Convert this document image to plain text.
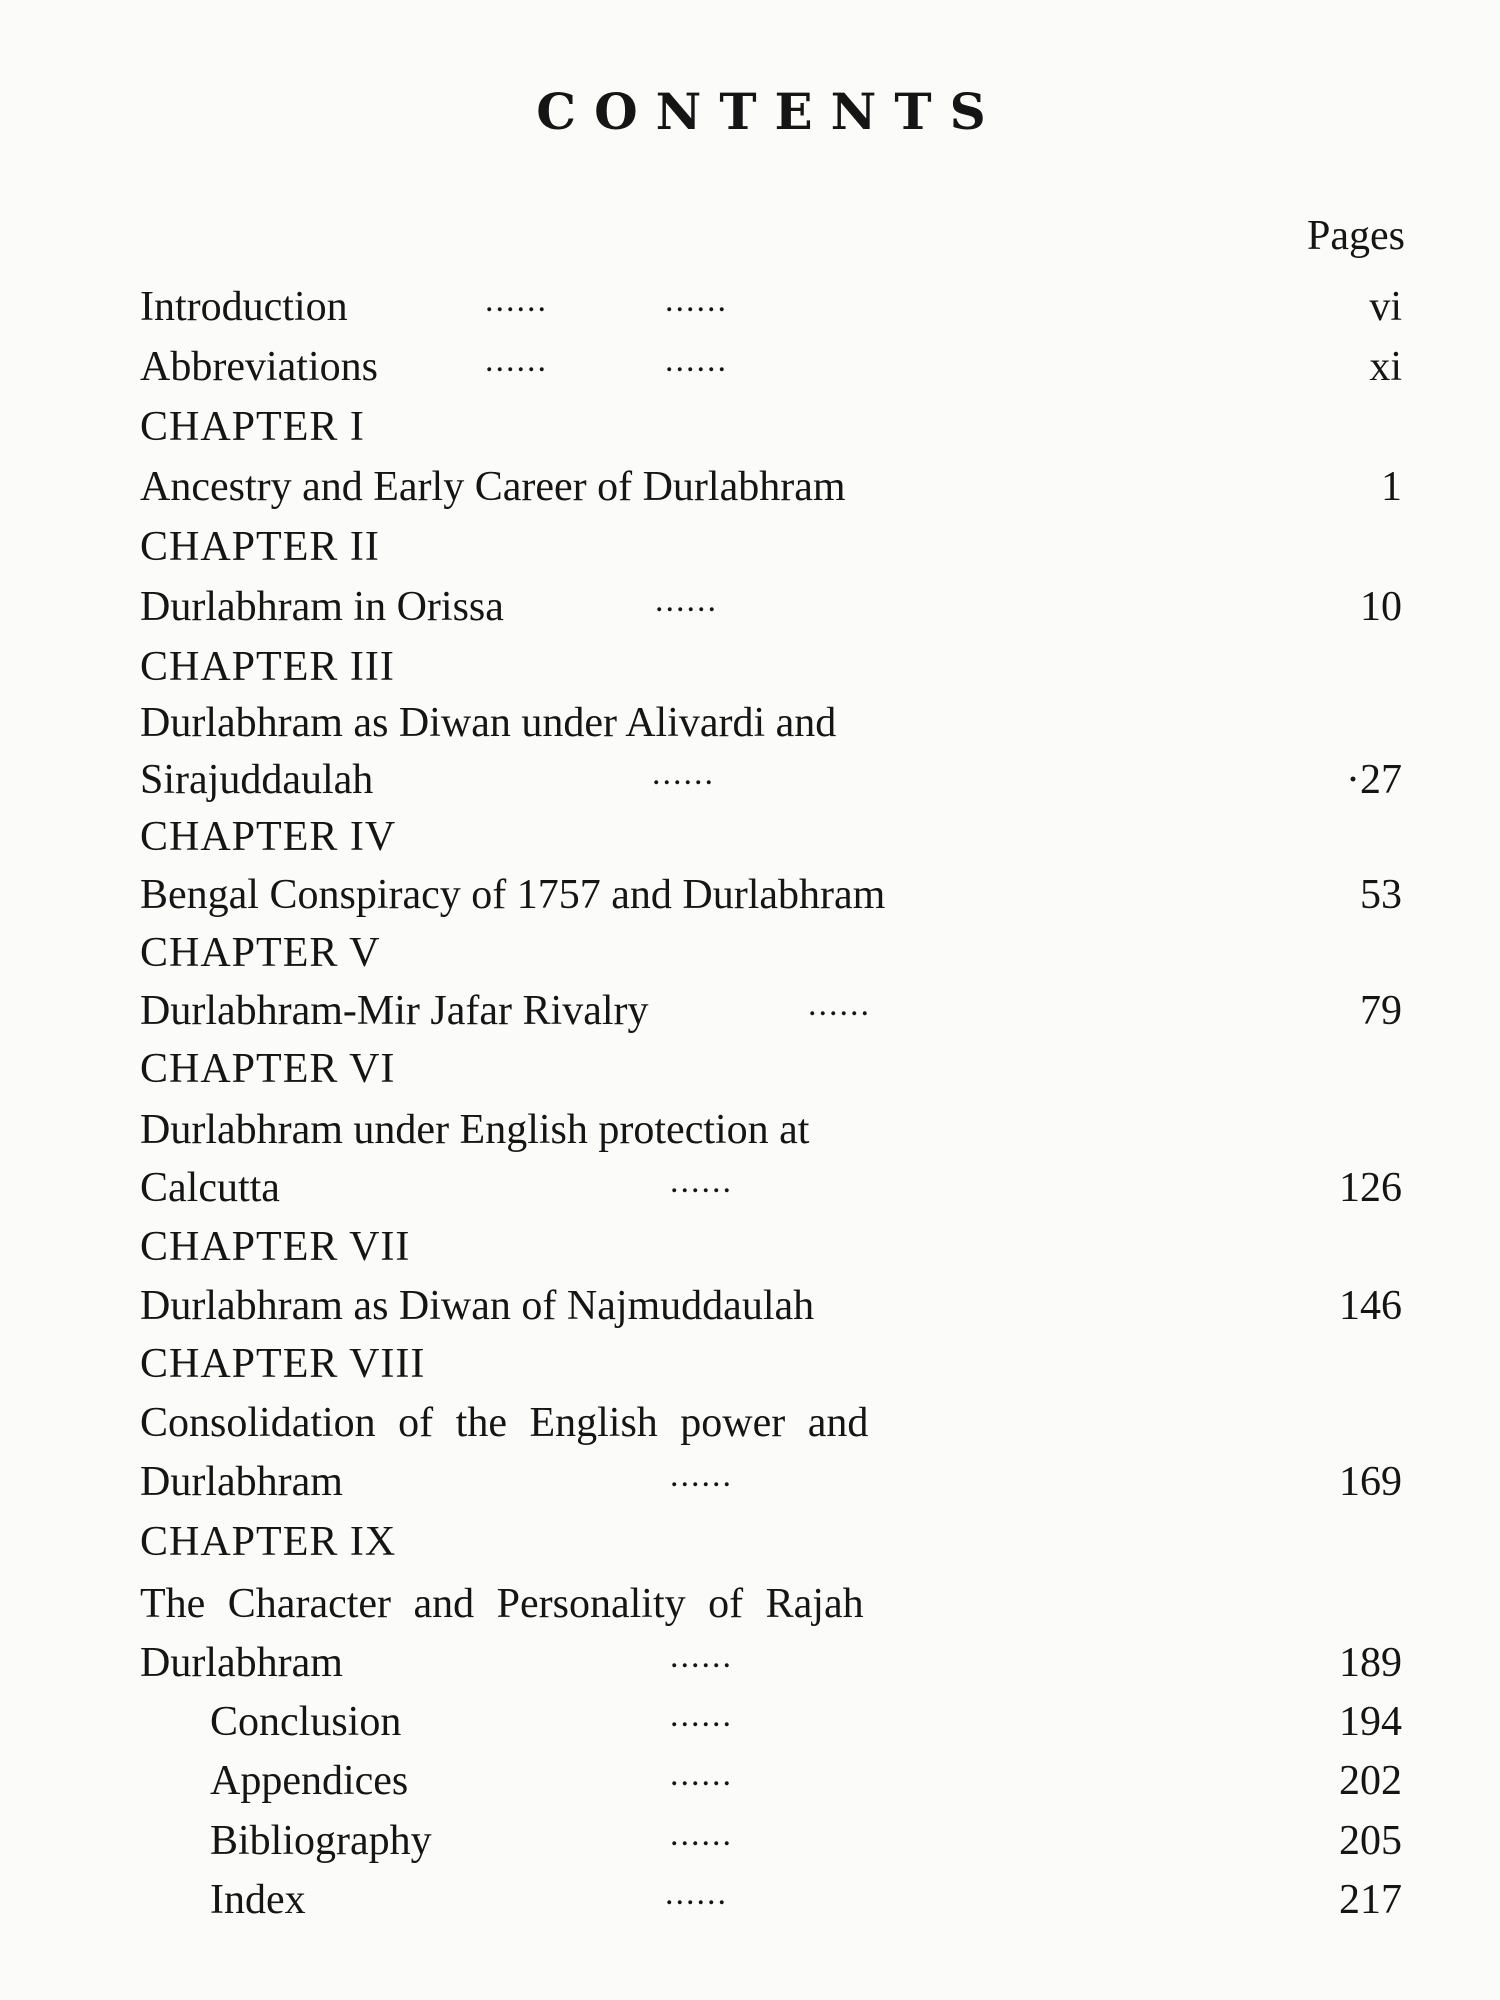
CONTENTS
Pages
Introduction	......	......	vi
Abbreviations	......	......	xi
CHAPTER I
Ancestry and Early Career of Durlabhram	1
CHAPTER II
Durlabhram in Orissa	......	10
CHAPTER III
Durlabhram as Diwan under Alivardi and
Sirajuddaulah	......	·27
CHAPTER IV
Bengal Conspiracy of 1757 and Durlabhram	53
CHAPTER V
Durlabhram-Mir Jafar Rivalry	......	79
CHAPTER VI
Durlabhram under English protection at
Calcutta	......	126
CHAPTER VII
Durlabhram as Diwan of Najmuddaulah	146
CHAPTER VIII
Consolidation of the English power and
Durlabhram	......	169
CHAPTER IX
The Character and Personality of Rajah
Durlabhram	......	189
Conclusion	......	194
Appendices	......	202
Bibliography	......	205
Index	......	217
